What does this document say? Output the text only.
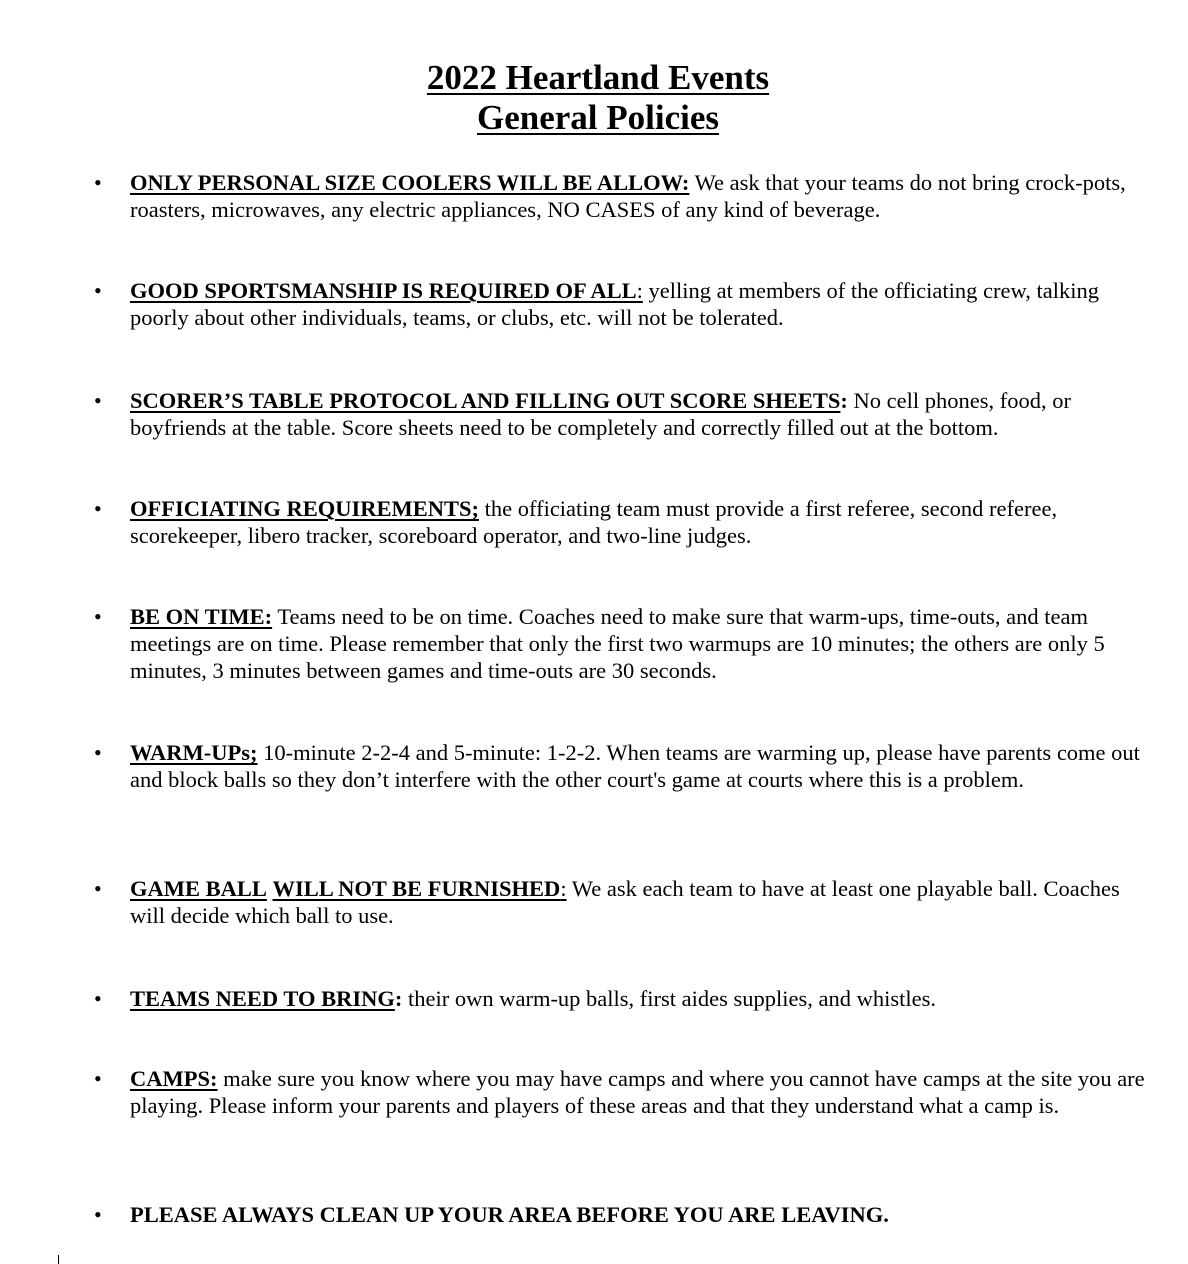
2022 Heartland Events
General Policies
• ONLY PERSONAL SIZE COOLERS WILL BE ALLOW: We ask that your teams do not bring crock-pots, roasters, microwaves, any electric appliances, NO CASES of any kind of beverage.
• GOOD SPORTSMANSHIP IS REQUIRED OF ALL: yelling at members of the officiating crew, talking poorly about other individuals, teams, or clubs, etc. will not be tolerated.
• SCORER’S TABLE PROTOCOL AND FILLING OUT SCORE SHEETS: No cell phones, food, or boyfriends at the table. Score sheets need to be completely and correctly filled out at the bottom.
• OFFICIATING REQUIREMENTS; the officiating team must provide a first referee, second referee, scorekeeper, libero tracker, scoreboard operator, and two-line judges.
• BE ON TIME: Teams need to be on time. Coaches need to make sure that warm-ups, time-outs, and team meetings are on time. Please remember that only the first two warmups are 10 minutes; the others are only 5 minutes, 3 minutes between games and time-outs are 30 seconds.
• WARM-UPs; 10-minute 2-2-4 and 5-minute: 1-2-2. When teams are warming up, please have parents come out and block balls so they don’t interfere with the other court's game at courts where this is a problem.
• GAME BALL WILL NOT BE FURNISHED: We ask each team to have at least one playable ball. Coaches will decide which ball to use.
• TEAMS NEED TO BRING: their own warm-up balls, first aides supplies, and whistles.
• CAMPS: make sure you know where you may have camps and where you cannot have camps at the site you are playing. Please inform your parents and players of these areas and that they understand what a camp is.
• PLEASE ALWAYS CLEAN UP YOUR AREA BEFORE YOU ARE LEAVING.
